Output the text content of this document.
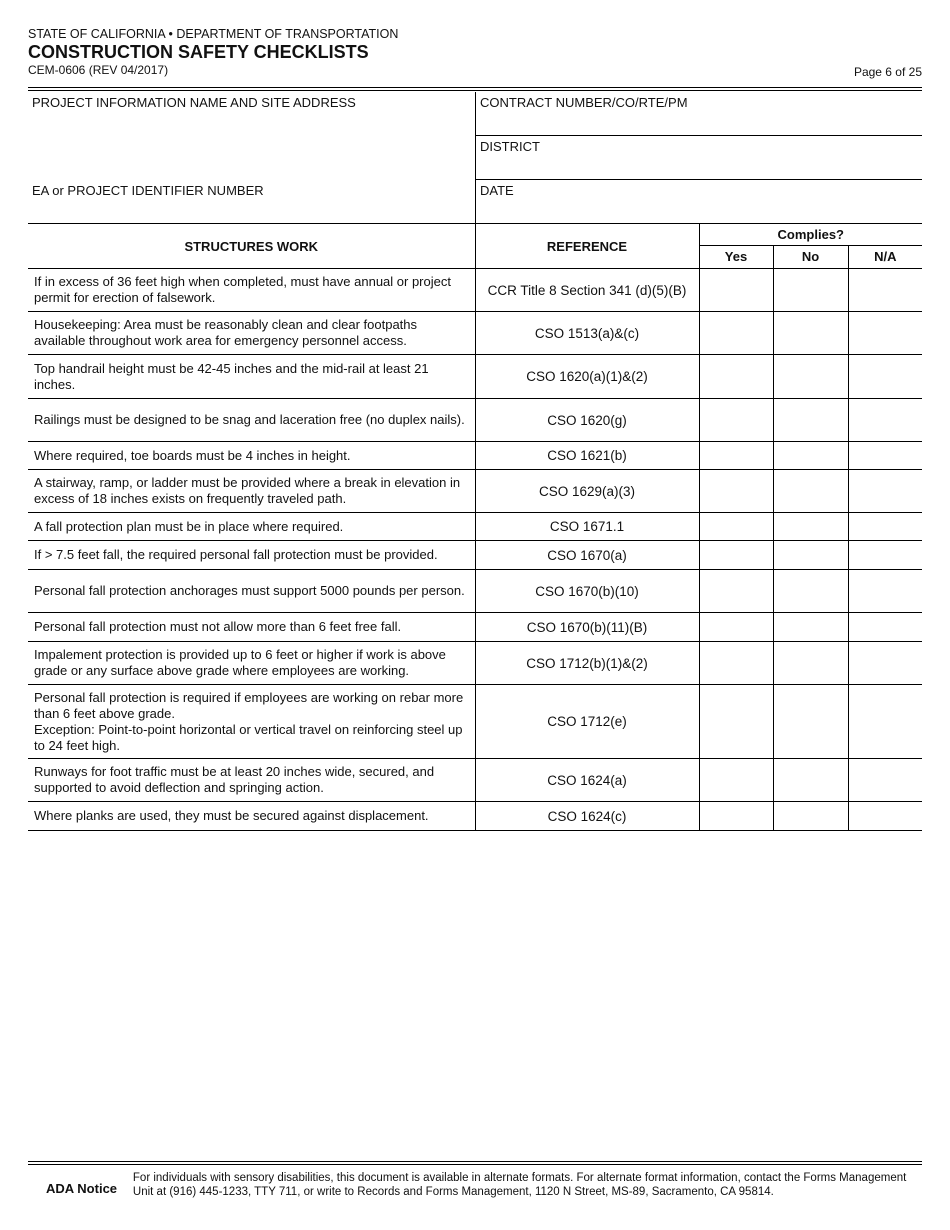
STATE OF CALIFORNIA • DEPARTMENT OF TRANSPORTATION
CONSTRUCTION SAFETY CHECKLISTS
CEM-0606 (REV 04/2017)	Page 6 of 25
PROJECT INFORMATION NAME AND SITE ADDRESS	CONTRACT NUMBER/CO/RTE/PM
	DISTRICT
EA or PROJECT IDENTIFIER NUMBER	DATE
STRUCTURES WORK	REFERENCE	Complies?		
		Yes	No	N/A
If in excess of 36 feet high when completed, must have annual or project permit for erection of falsework.	CCR Title 8 Section 341 (d)(5)(B)			
Housekeeping: Area must be reasonably clean and clear footpaths available throughout work area for emergency personnel access.	CSO 1513(a)&(c)			
Top handrail height must be 42-45 inches and the mid-rail at least 21 inches.	CSO 1620(a)(1)&(2)			
Railings must be designed to be snag and laceration free (no duplex nails).	CSO 1620(g)			
Where required, toe boards must be 4 inches in height.	CSO 1621(b)			
A stairway, ramp, or ladder must be provided where a break in elevation in excess of 18 inches exists on frequently traveled path.	CSO 1629(a)(3)			
A fall protection plan must be in place where required.	CSO 1671.1			
If > 7.5 feet fall, the required personal fall protection must be provided.	CSO 1670(a)			
Personal fall protection anchorages must support 5000 pounds per person.	CSO 1670(b)(10)			
Personal fall protection must not allow more than 6 feet free fall.	CSO 1670(b)(11)(B)			
Impalement protection is provided up to 6 feet or higher if work is above grade or any surface above grade where employees are working.	CSO 1712(b)(1)&(2)			

Personal fall protection is required if employees are working on rebar more than 6 feet above grade.
Exception: Point-to-point horizontal or vertical travel on reinforcing steel up to 24 feet high.	CSO 1712(e)			
Runways for foot traffic must be at least 20 inches wide, secured, and supported to avoid deflection and springing action.	CSO 1624(a)			
Where planks are used, they must be secured against displacement.	CSO 1624(c)			
ADA Notice
For individuals with sensory disabilities, this document is available in alternate formats. For alternate format information, contact the Forms Management Unit at (916) 445-1233, TTY 711, or write to Records and Forms Management, 1120 N Street, MS-89, Sacramento, CA 95814.
